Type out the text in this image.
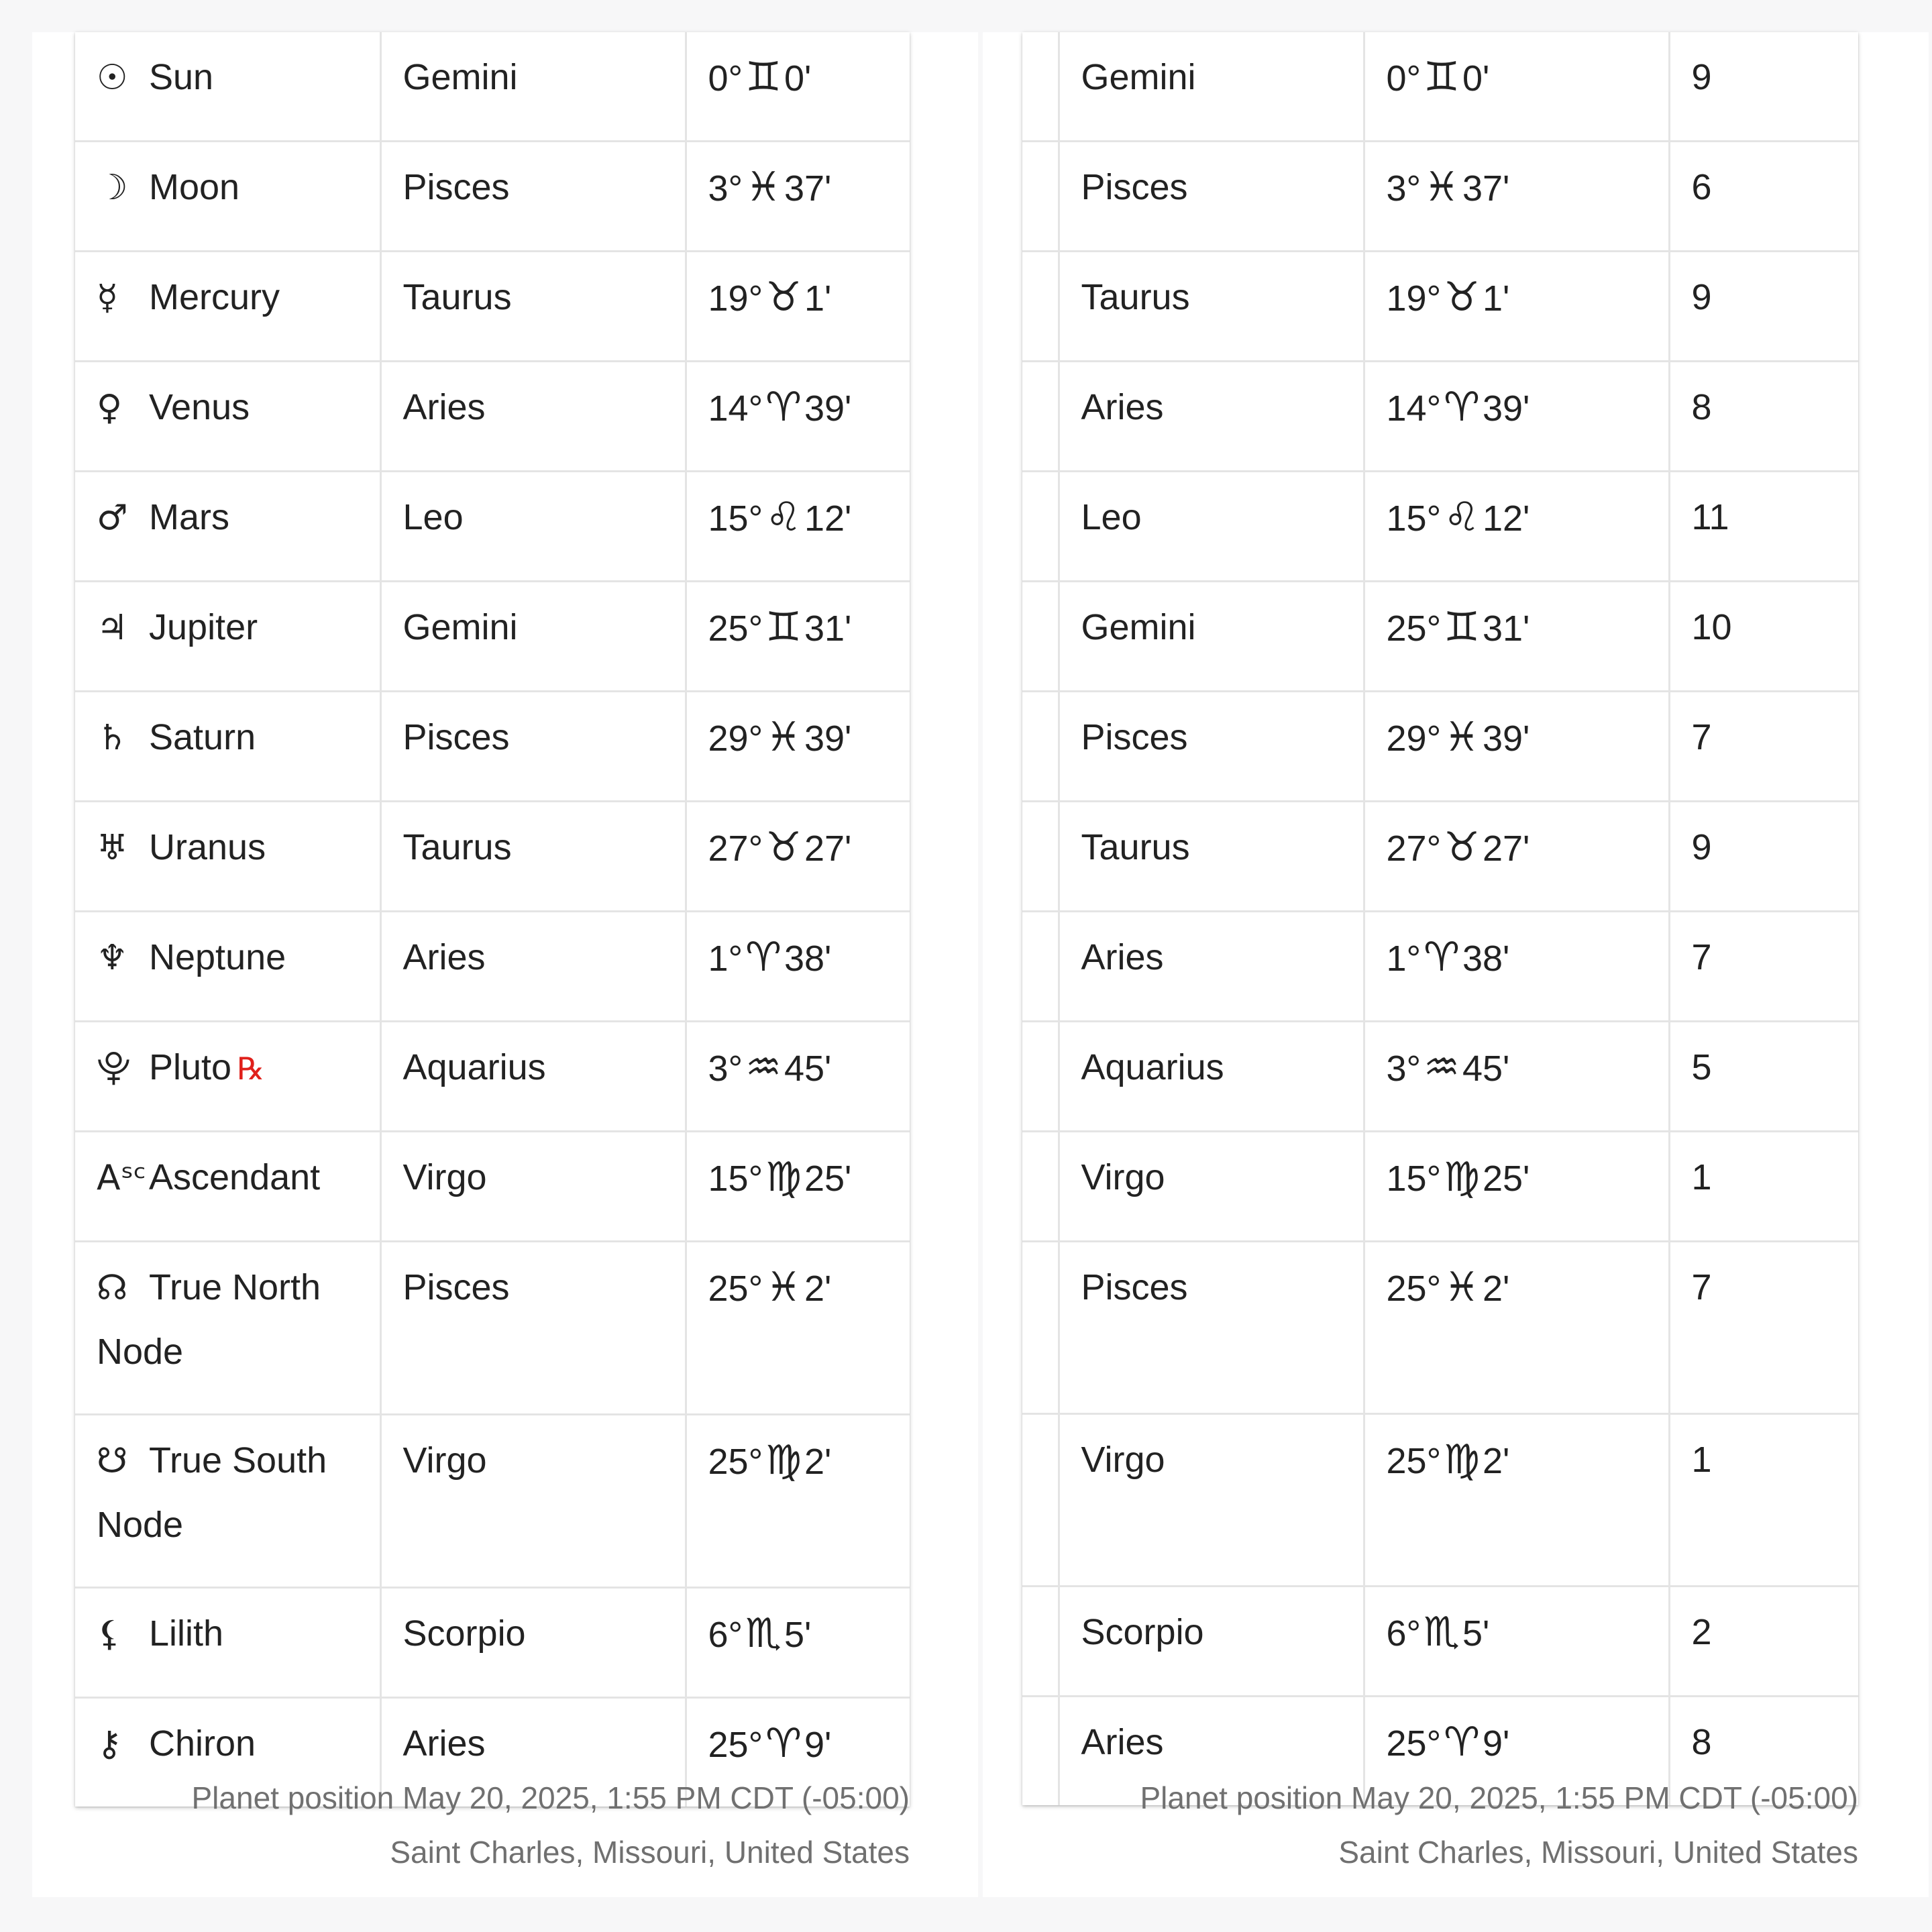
☉ Sun	Gemini	0°♊0'
☽ Moon	Pisces	3°♓37'
☿ Mercury	Taurus	19°♉1'
♀ Venus	Aries	14°♈39'
♂ Mars	Leo	15°♌12'
♃ Jupiter	Gemini	25°♊31'
♄ Saturn	Pisces	29°♓39'
♅ Uranus	Taurus	27°♉27'
♆ Neptune	Aries	1°♈38'
⯓ Pluto ℞	Aquarius	3°♒45'
AˢᶜAscendant	Virgo	15°♍25'
☊ True North Node	Pisces	25°♓2'
☋ True South Node	Virgo	25°♍2'
⚸ Lilith	Scorpio	6°♏5'
⚷ Chiron	Aries	25°♈9'
Planet position May 20, 2025, 1:55 PM CDT (-05:00)
Saint Charles, Missouri, United States
	Gemini	0°♊0'	9
	Pisces	3°♓37'	6
	Taurus	19°♉1'	9
	Aries	14°♈39'	8
	Leo	15°♌12'	11
	Gemini	25°♊31'	10
	Pisces	29°♓39'	7
	Taurus	27°♉27'	9
	Aries	1°♈38'	7
	Aquarius	3°♒45'	5
	Virgo	15°♍25'	1
	Pisces	25°♓2'	7
	Virgo	25°♍2'	1
	Scorpio	6°♏5'	2
	Aries	25°♈9'	8
Planet position May 20, 2025, 1:55 PM CDT (-05:00)
Saint Charles, Missouri, United States
